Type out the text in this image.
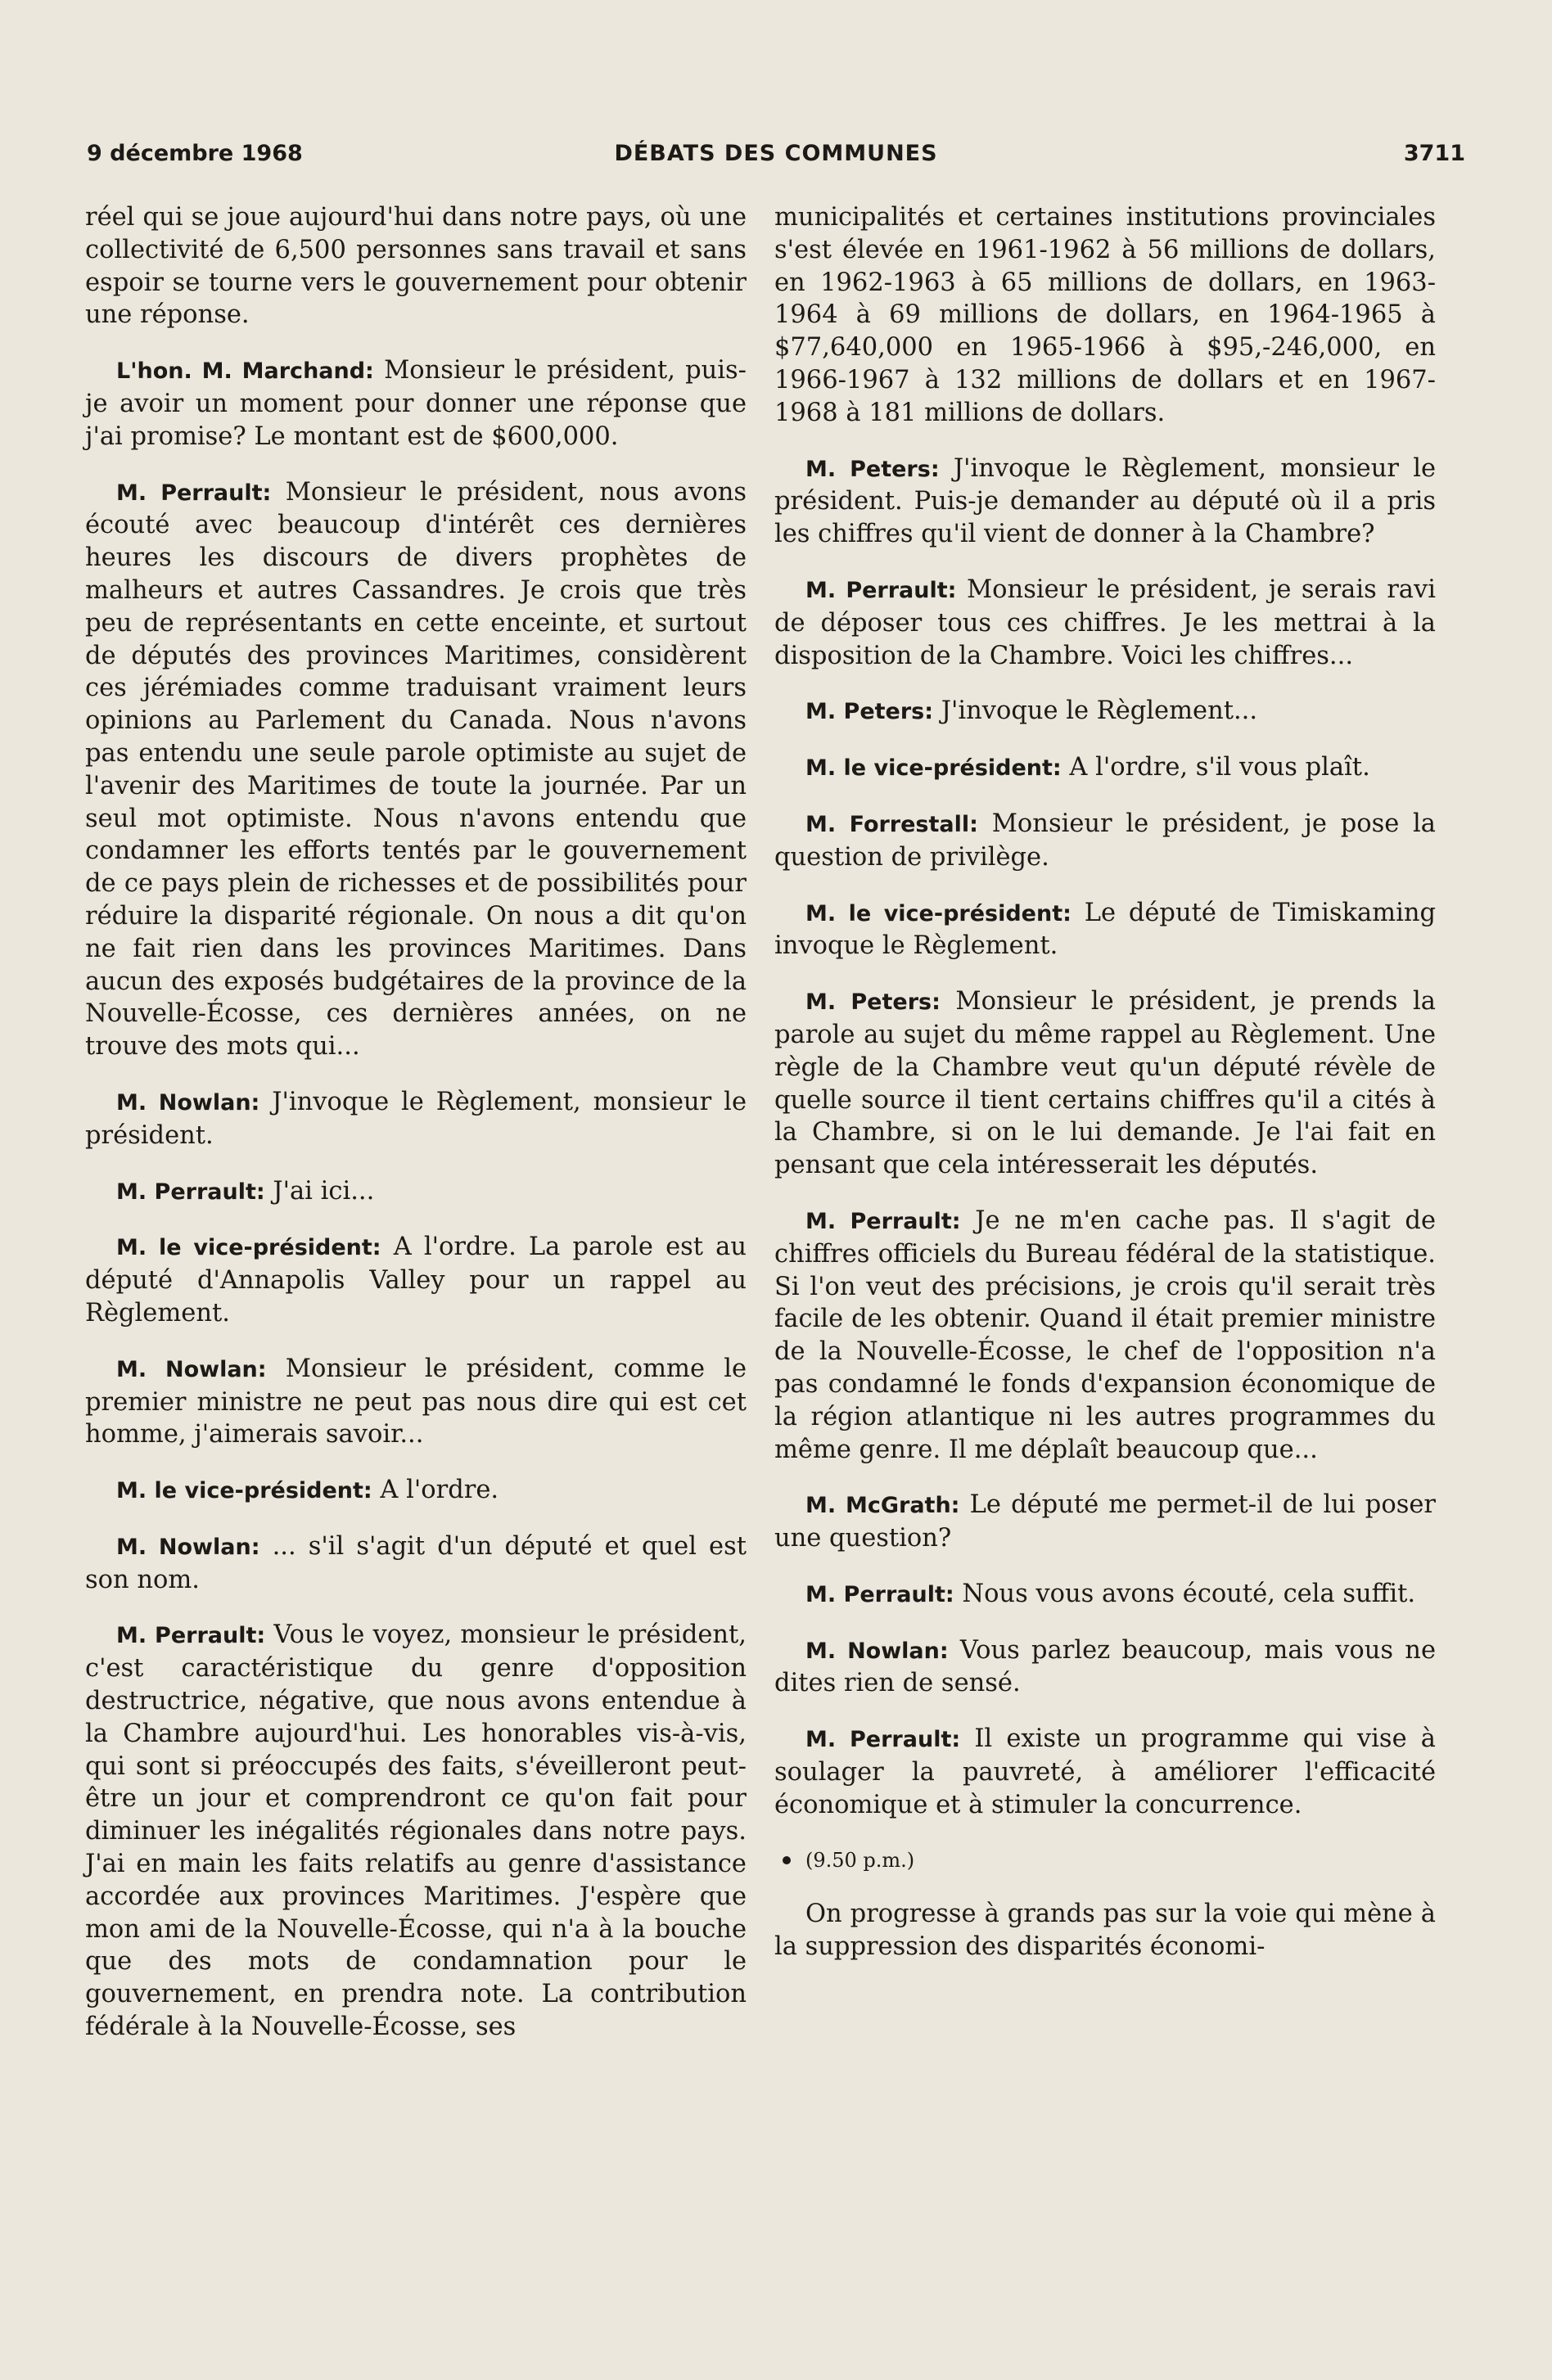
9 décembre 1968	DÉBATS DES COMMUNES	3711

réel qui se joue aujourd'hui dans notre pays, où une collectivité de 6,500 personnes sans travail et sans espoir se tourne vers le gouvernement pour obtenir une réponse.

L'hon. M. Marchand: Monsieur le président, puis-je avoir un moment pour donner une réponse que j'ai promise? Le montant est de $600,000.

M. Perrault: Monsieur le président, nous avons écouté avec beaucoup d'intérêt ces dernières heures les discours de divers prophètes de malheurs et autres Cassandres. Je crois que très peu de représentants en cette enceinte, et surtout de députés des provinces Maritimes, considèrent ces jérémiades comme traduisant vraiment leurs opinions au Parlement du Canada. Nous n'avons pas entendu une seule parole optimiste au sujet de l'avenir des Maritimes de toute la journée. Par un seul mot optimiste. Nous n'avons entendu que condamner les efforts tentés par le gouvernement de ce pays plein de richesses et de possibilités pour réduire la disparité régionale. On nous a dit qu'on ne fait rien dans les provinces Maritimes. Dans aucun des exposés budgétaires de la province de la Nouvelle-Écosse, ces dernières années, on ne trouve des mots qui...

M. Nowlan: J'invoque le Règlement, monsieur le président.

M. Perrault: J'ai ici...

M. le vice-président: A l'ordre. La parole est au député d'Annapolis Valley pour un rappel au Règlement.

M. Nowlan: Monsieur le président, comme le premier ministre ne peut pas nous dire qui est cet homme, j'aimerais savoir...

M. le vice-président: A l'ordre.

M. Nowlan: ... s'il s'agit d'un député et quel est son nom.

M. Perrault: Vous le voyez, monsieur le président, c'est caractéristique du genre d'opposition destructrice, négative, que nous avons entendue à la Chambre aujourd'hui. Les honorables vis-à-vis, qui sont si préoccupés des faits, s'éveilleront peut-être un jour et comprendront ce qu'on fait pour diminuer les inégalités régionales dans notre pays. J'ai en main les faits relatifs au genre d'assistance accordée aux provinces Maritimes. J'espère que mon ami de la Nouvelle-Écosse, qui n'a à la bouche que des mots de condamnation pour le gouvernement, en prendra note. La contribution fédérale à la Nouvelle-Écosse, ses

municipalités et certaines institutions provinciales s'est élevée en 1961-1962 à 56 millions de dollars, en 1962-1963 à 65 millions de dollars, en 1963-1964 à 69 millions de dollars, en 1964-1965 à $77,640,000 en 1965-1966 à $95,-246,000, en 1966-1967 à 132 millions de dollars et en 1967-1968 à 181 millions de dollars.

M. Peters: J'invoque le Règlement, monsieur le président. Puis-je demander au député où il a pris les chiffres qu'il vient de donner à la Chambre?

M. Perrault: Monsieur le président, je serais ravi de déposer tous ces chiffres. Je les mettrai à la disposition de la Chambre. Voici les chiffres...

M. Peters: J'invoque le Règlement...

M. le vice-président: A l'ordre, s'il vous plaît.

M. Forrestall: Monsieur le président, je pose la question de privilège.

M. le vice-président: Le député de Timiskaming invoque le Règlement.

M. Peters: Monsieur le président, je prends la parole au sujet du même rappel au Règlement. Une règle de la Chambre veut qu'un député révèle de quelle source il tient certains chiffres qu'il a cités à la Chambre, si on le lui demande. Je l'ai fait en pensant que cela intéresserait les députés.

M. Perrault: Je ne m'en cache pas. Il s'agit de chiffres officiels du Bureau fédéral de la statistique. Si l'on veut des précisions, je crois qu'il serait très facile de les obtenir. Quand il était premier ministre de la Nouvelle-Écosse, le chef de l'opposition n'a pas condamné le fonds d'expansion économique de la région atlantique ni les autres programmes du même genre. Il me déplaît beaucoup que...

M. McGrath: Le député me permet-il de lui poser une question?

M. Perrault: Nous vous avons écouté, cela suffit.

M. Nowlan: Vous parlez beaucoup, mais vous ne dites rien de sensé.

M. Perrault: Il existe un programme qui vise à soulager la pauvreté, à améliorer l'efficacité économique et à stimuler la concurrence.

(9.50 p.m.)

On progresse à grands pas sur la voie qui mène à la suppression des disparités économi-
